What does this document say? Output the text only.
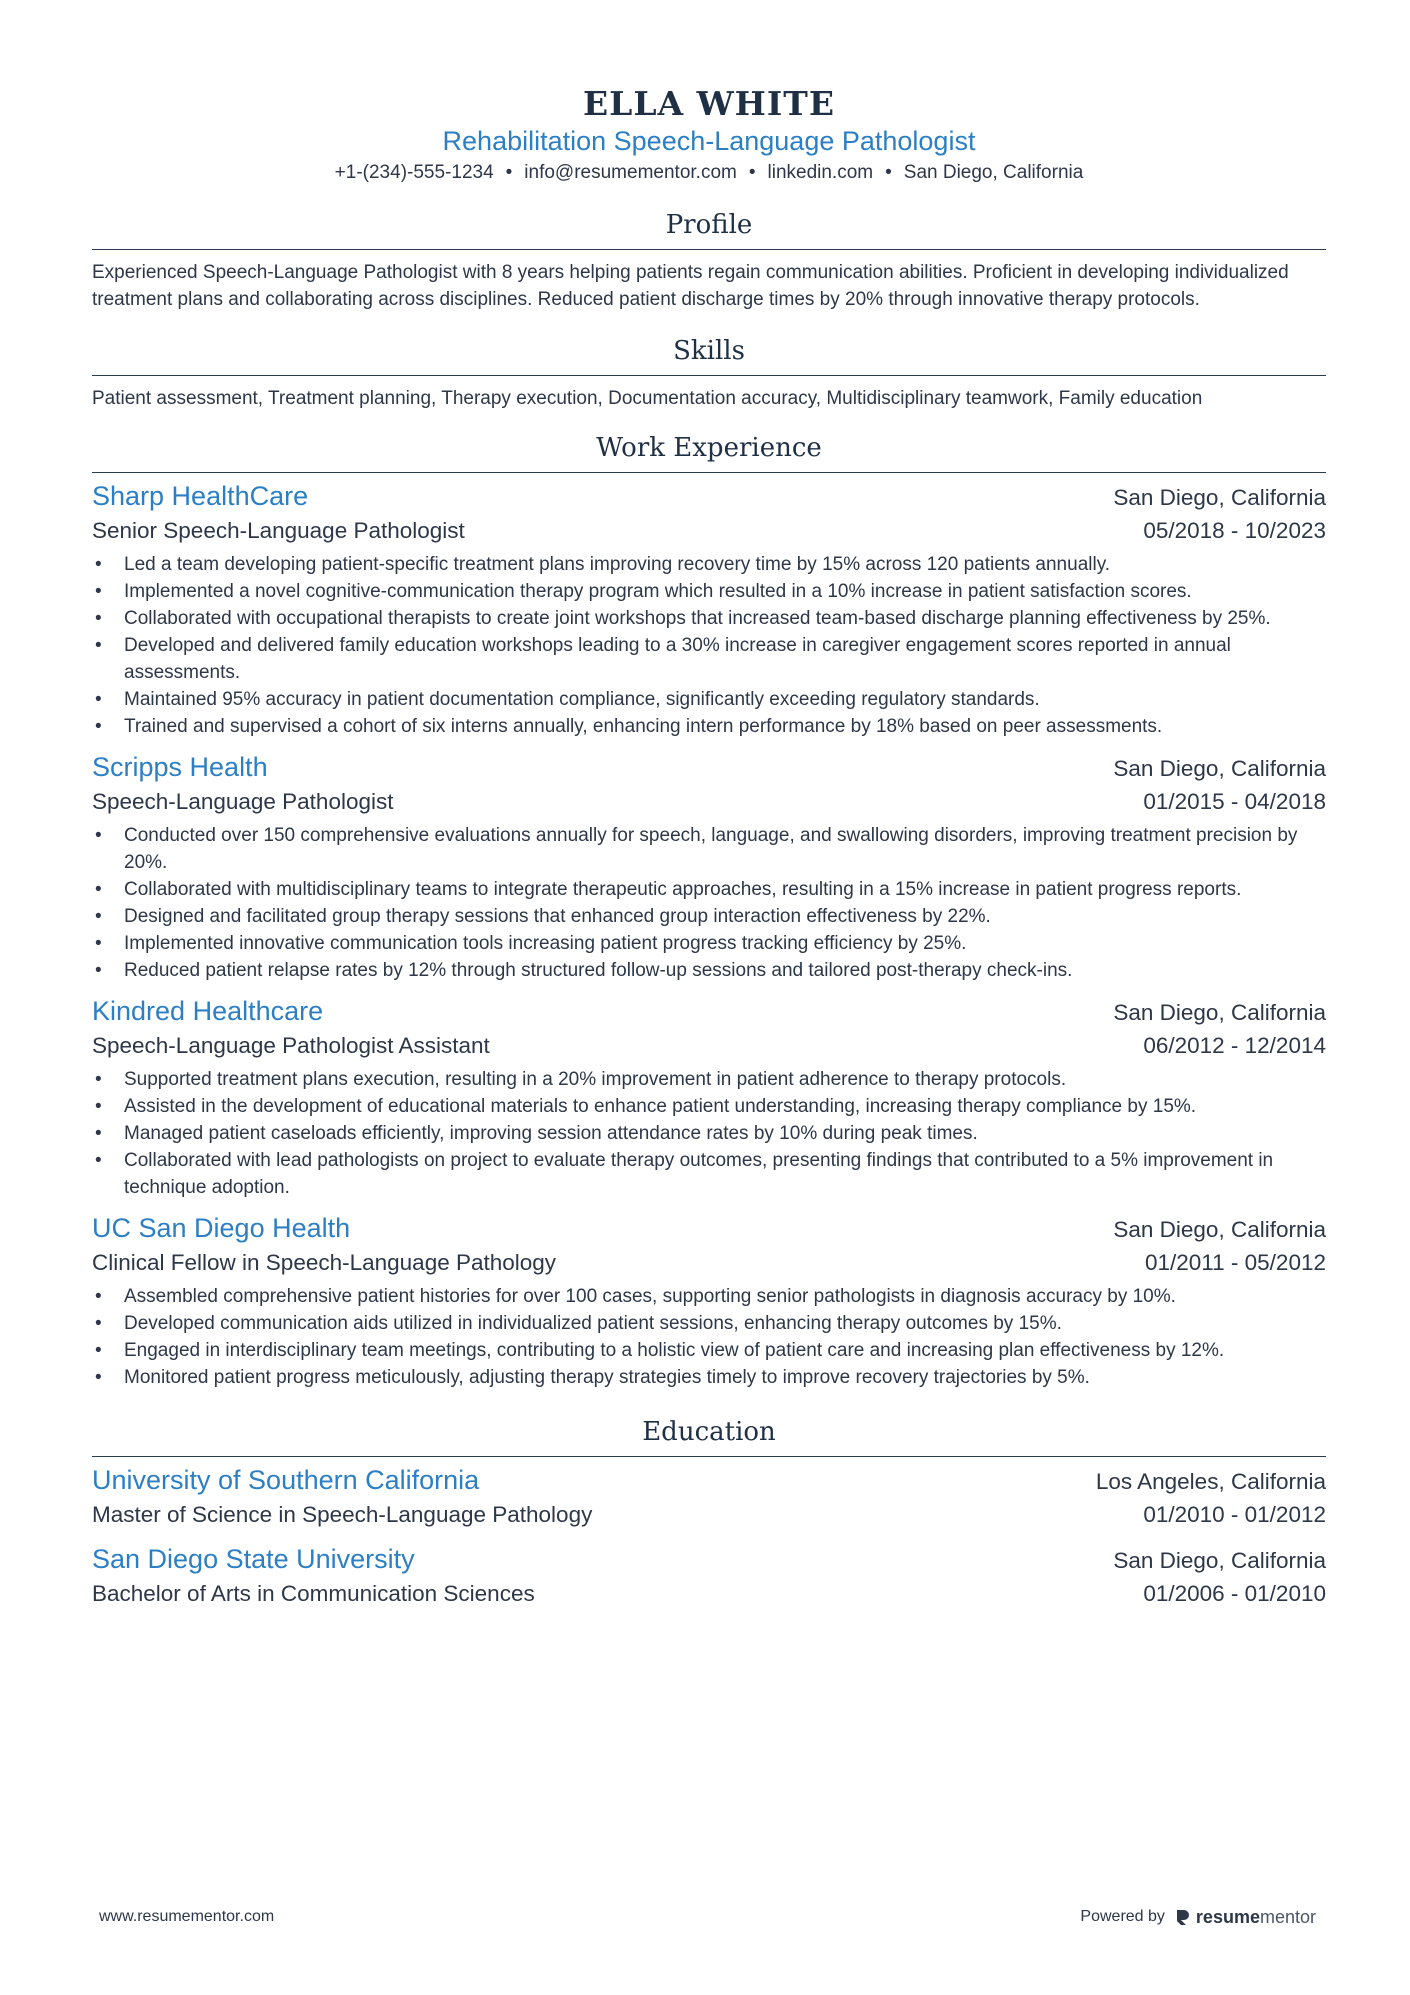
ELLA WHITE
Rehabilitation Speech-Language Pathologist
+1-(234)-555-1234 • info@resumementor.com • linkedin.com • San Diego, California
Profile
Experienced Speech-Language Pathologist with 8 years helping patients regain communication abilities. Proficient in developing individualized treatment plans and collaborating across disciplines. Reduced patient discharge times by 20% through innovative therapy protocols.
Skills
Patient assessment, Treatment planning, Therapy execution, Documentation accuracy, Multidisciplinary teamwork, Family education
Work Experience
Sharp HealthCare	San Diego, California
Senior Speech-Language Pathologist	05/2018 - 10/2023
• Led a team developing patient-specific treatment plans improving recovery time by 15% across 120 patients annually.
• Implemented a novel cognitive-communication therapy program which resulted in a 10% increase in patient satisfaction scores.
• Collaborated with occupational therapists to create joint workshops that increased team-based discharge planning effectiveness by 25%.
• Developed and delivered family education workshops leading to a 30% increase in caregiver engagement scores reported in annual assessments.
• Maintained 95% accuracy in patient documentation compliance, significantly exceeding regulatory standards.
• Trained and supervised a cohort of six interns annually, enhancing intern performance by 18% based on peer assessments.
Scripps Health	San Diego, California
Speech-Language Pathologist	01/2015 - 04/2018
• Conducted over 150 comprehensive evaluations annually for speech, language, and swallowing disorders, improving treatment precision by 20%.
• Collaborated with multidisciplinary teams to integrate therapeutic approaches, resulting in a 15% increase in patient progress reports.
• Designed and facilitated group therapy sessions that enhanced group interaction effectiveness by 22%.
• Implemented innovative communication tools increasing patient progress tracking efficiency by 25%.
• Reduced patient relapse rates by 12% through structured follow-up sessions and tailored post-therapy check-ins.
Kindred Healthcare	San Diego, California
Speech-Language Pathologist Assistant	06/2012 - 12/2014
• Supported treatment plans execution, resulting in a 20% improvement in patient adherence to therapy protocols.
• Assisted in the development of educational materials to enhance patient understanding, increasing therapy compliance by 15%.
• Managed patient caseloads efficiently, improving session attendance rates by 10% during peak times.
• Collaborated with lead pathologists on project to evaluate therapy outcomes, presenting findings that contributed to a 5% improvement in technique adoption.
UC San Diego Health	San Diego, California
Clinical Fellow in Speech-Language Pathology	01/2011 - 05/2012
• Assembled comprehensive patient histories for over 100 cases, supporting senior pathologists in diagnosis accuracy by 10%.
• Developed communication aids utilized in individualized patient sessions, enhancing therapy outcomes by 15%.
• Engaged in interdisciplinary team meetings, contributing to a holistic view of patient care and increasing plan effectiveness by 12%.
• Monitored patient progress meticulously, adjusting therapy strategies timely to improve recovery trajectories by 5%.
Education
University of Southern California	Los Angeles, California
Master of Science in Speech-Language Pathology	01/2010 - 01/2012
San Diego State University	San Diego, California
Bachelor of Arts in Communication Sciences	01/2006 - 01/2010
www.resumementor.com	Powered by resumementor
